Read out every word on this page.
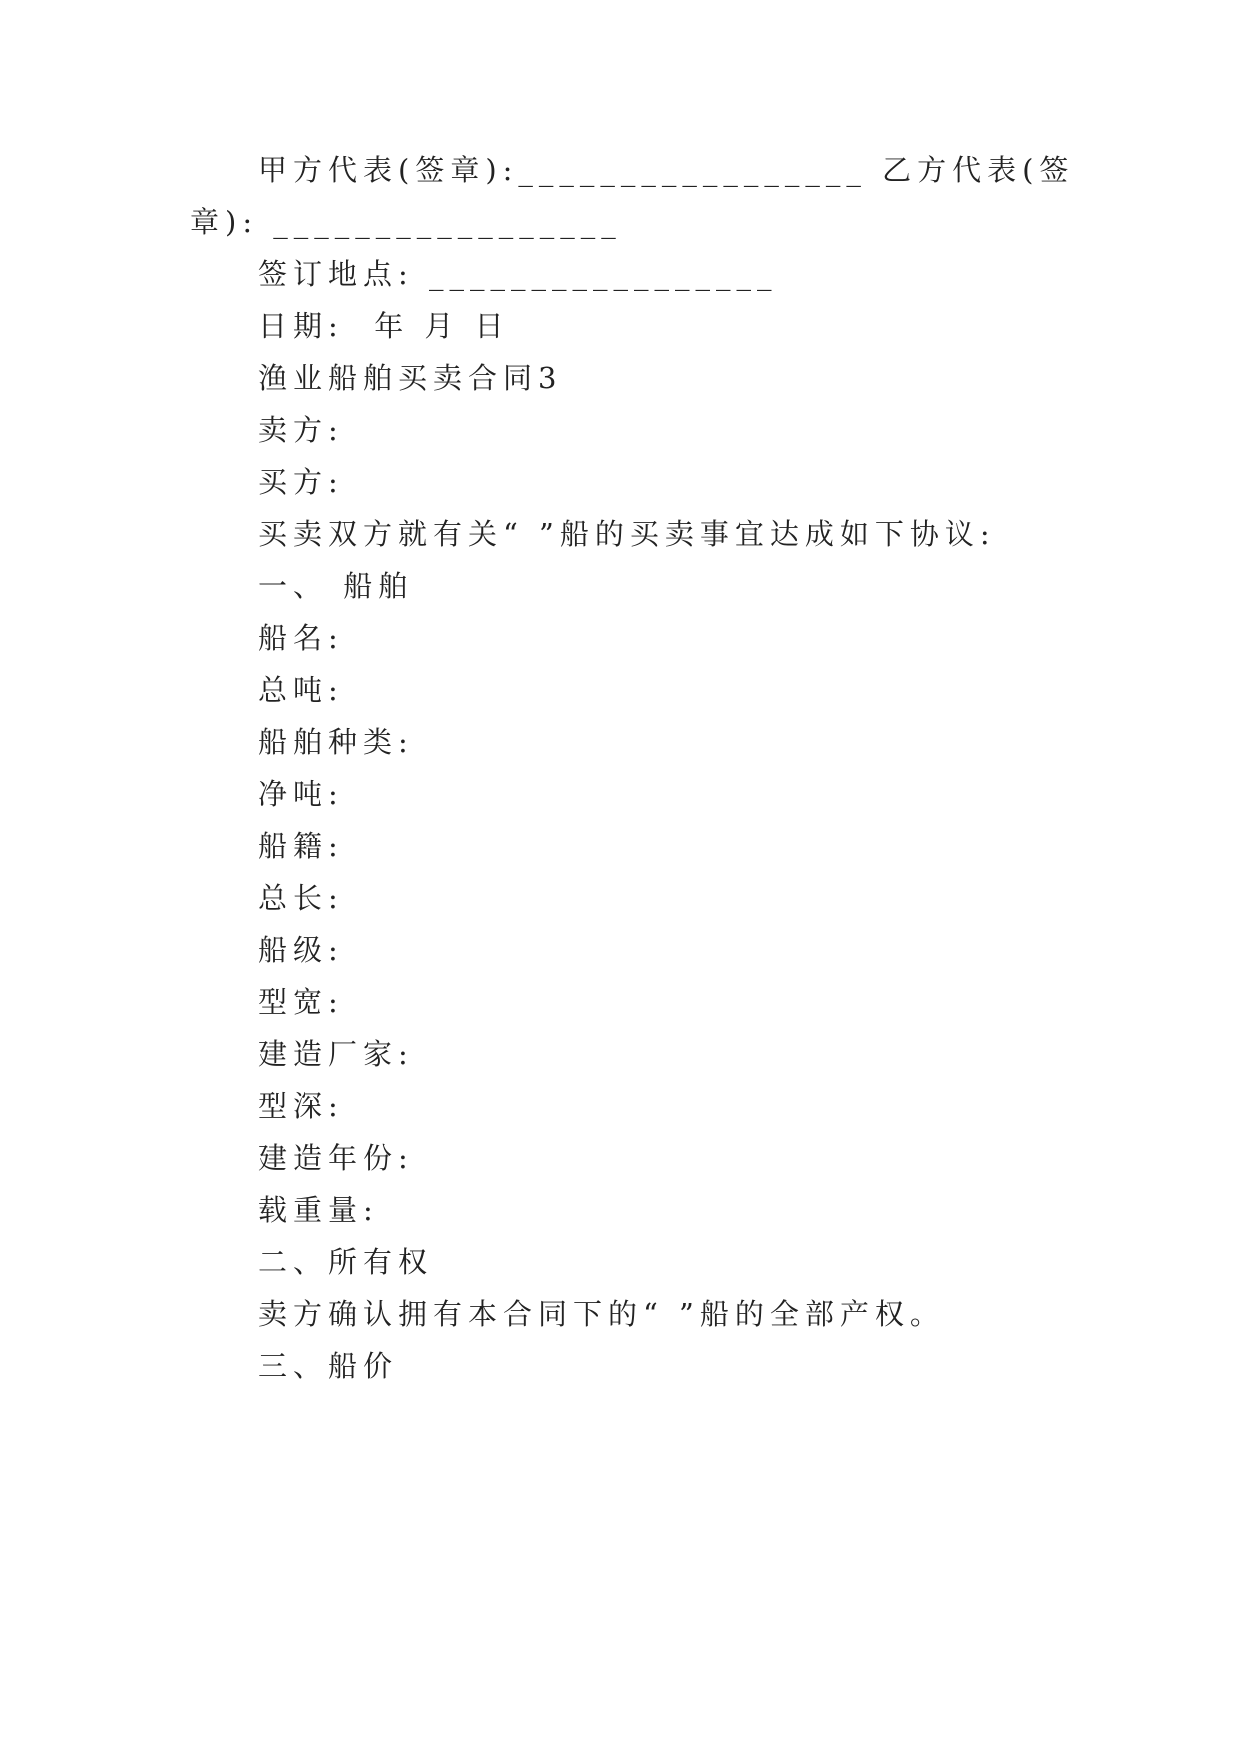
甲方代表(签章):_________________ 乙方代表(签
章): _________________
签订地点: _________________
日期:  年 月 日
渔业船舶买卖合同3
卖方:
买方:
买卖双方就有关“ ”船的买卖事宜达成如下协议:
一、 船舶
船名:
总吨:
船舶种类:
净吨:
船籍:
总长:
船级:
型宽:
建造厂家:
型深:
建造年份:
载重量:
二、所有权
卖方确认拥有本合同下的“ ”船的全部产权。
三、船价
